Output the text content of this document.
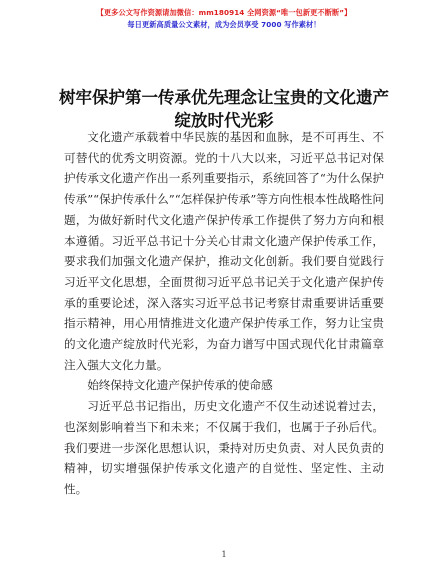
【更多公文写作资源请加微信：mm180914 全网资源“唯一包新更不断断”】
每日更新高质量公文素材，成为会员享受 7000 写作素材！
树牢保护第一传承优先理念让宝贵的文化遗产
绽放时代光彩

文化遗产承载着中华民族的基因和血脉，是不可再生、不可替代的优秀文明资源。党的十八大以来，习近平总书记对保护传承文化遗产作出一系列重要指示，系统回答了“为什么保护传承”“保护传承什么”“怎样保护传承”等方向性根本性战略性问题，为做好新时代文化遗产保护传承工作提供了努力方向和根本遵循。习近平总书记十分关心甘肃文化遗产保护传承工作，要求我们加强文化遗产保护，推动文化创新。我们要自觉践行习近平文化思想，全面贯彻习近平总书记关于文化遗产保护传承的重要论述，深入落实习近平总书记考察甘肃重要讲话重要指示精神，用心用情推进文化遗产保护传承工作，努力让宝贵的文化遗产绽放时代光彩，为奋力谱写中国式现代化甘肃篇章注入强大文化力量。

始终保持文化遗产保护传承的使命感

习近平总书记指出，历史文化遗产不仅生动述说着过去，也深刻影响着当下和未来；不仅属于我们，也属于子孙后代。我们要进一步深化思想认识，秉持对历史负责、对人民负责的精神，切实增强保护传承文化遗产的自觉性、坚定性、主动性。

1
